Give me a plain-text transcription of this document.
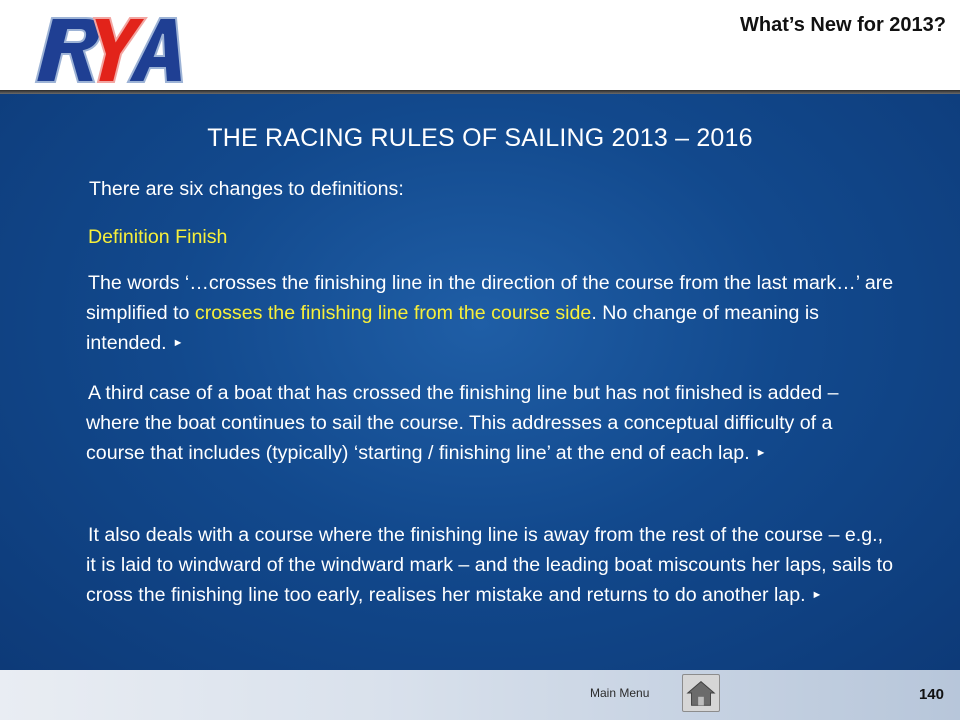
What’s New for 2013?
THE RACING RULES OF SAILING 2013 – 2016
There are six changes to definitions:
Definition Finish
The words ‘…crosses the finishing line in the direction of the course from the last mark…’ are simplified to crosses the finishing line from the course side. No change of meaning is intended. ►
A third case of a boat that has crossed the finishing line but has not finished is added – where the boat continues to sail the course. This addresses a conceptual difficulty of a course that includes (typically) ‘starting / finishing line’ at the end of each lap. ►
It also deals with a course where the finishing line is away from the rest of the course – e.g., it is laid to windward of the windward mark – and the leading boat miscounts her laps, sails to cross the finishing line too early, realises her mistake and returns to do another lap. ►
Main Menu	140
